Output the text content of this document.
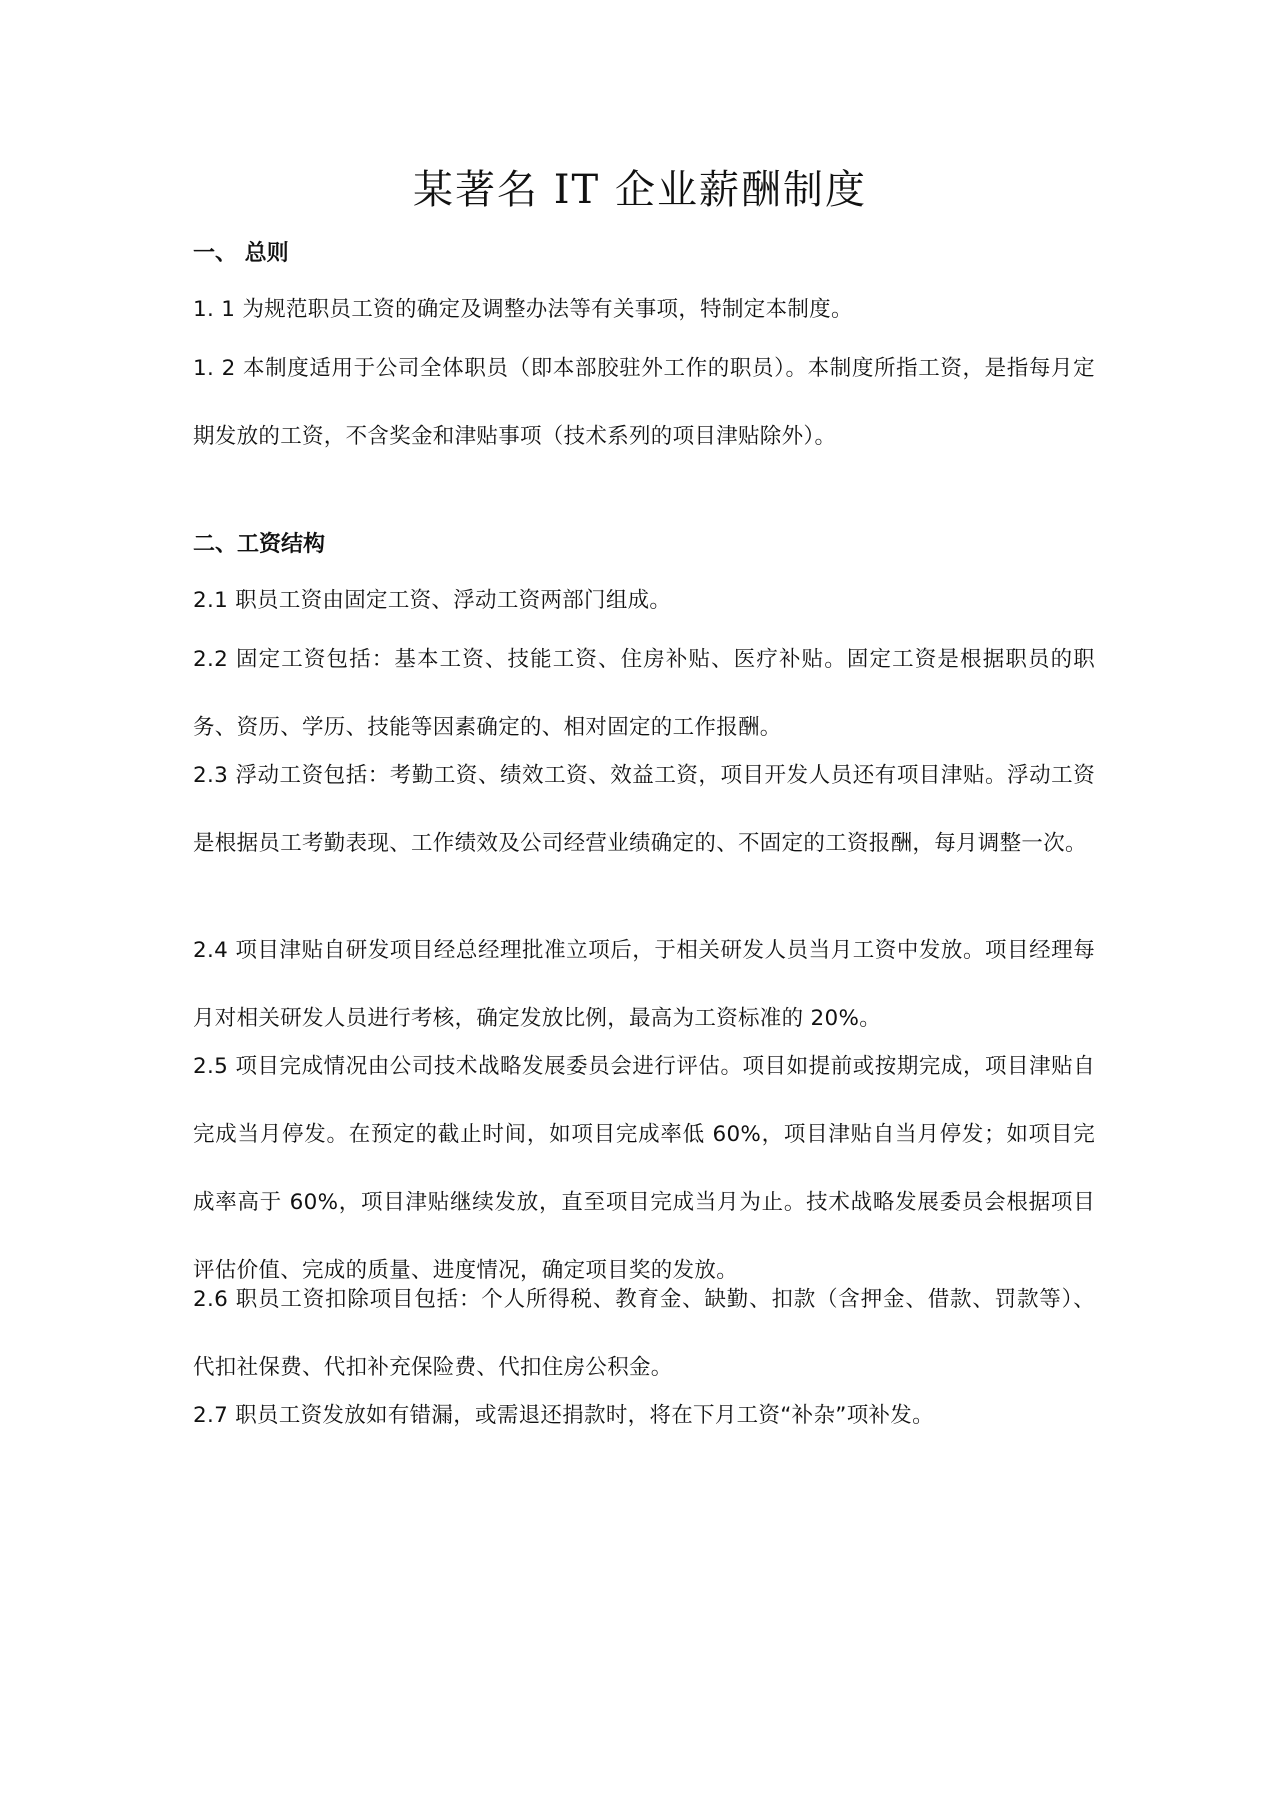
某著名 IT 企业薪酬制度
一、 总则
1. 1 为规范职员工资的确定及调整办法等有关事项，特制定本制度。
1. 2 本制度适用于公司全体职员（即本部胶驻外工作的职员）。本制度所指工资，是指每月定期发放的工资，不含奖金和津贴事项（技术系列的项目津贴除外）。
二、工资结构
2.1 职员工资由固定工资、浮动工资两部门组成。
2.2 固定工资包括：基本工资、技能工资、住房补贴、医疗补贴。固定工资是根据职员的职务、资历、学历、技能等因素确定的、相对固定的工作报酬。
2.3 浮动工资包括：考勤工资、绩效工资、效益工资，项目开发人员还有项目津贴。浮动工资是根据员工考勤表现、工作绩效及公司经营业绩确定的、不固定的工资报酬，每月调整一次。
2.4 项目津贴自研发项目经总经理批准立项后，于相关研发人员当月工资中发放。项目经理每月对相关研发人员进行考核，确定发放比例，最高为工资标准的 20%。
2.5 项目完成情况由公司技术战略发展委员会进行评估。项目如提前或按期完成，项目津贴自完成当月停发。在预定的截止时间，如项目完成率低 60%，项目津贴自当月停发；如项目完成率高于 60%，项目津贴继续发放，直至项目完成当月为止。技术战略发展委员会根据项目评估价值、完成的质量、进度情况，确定项目奖的发放。
2.6 职员工资扣除项目包括：个人所得税、教育金、缺勤、扣款（含押金、借款、罚款等）、代扣社保费、代扣补充保险费、代扣住房公积金。
2.7 职员工资发放如有错漏，或需退还捐款时，将在下月工资“补杂”项补发。
